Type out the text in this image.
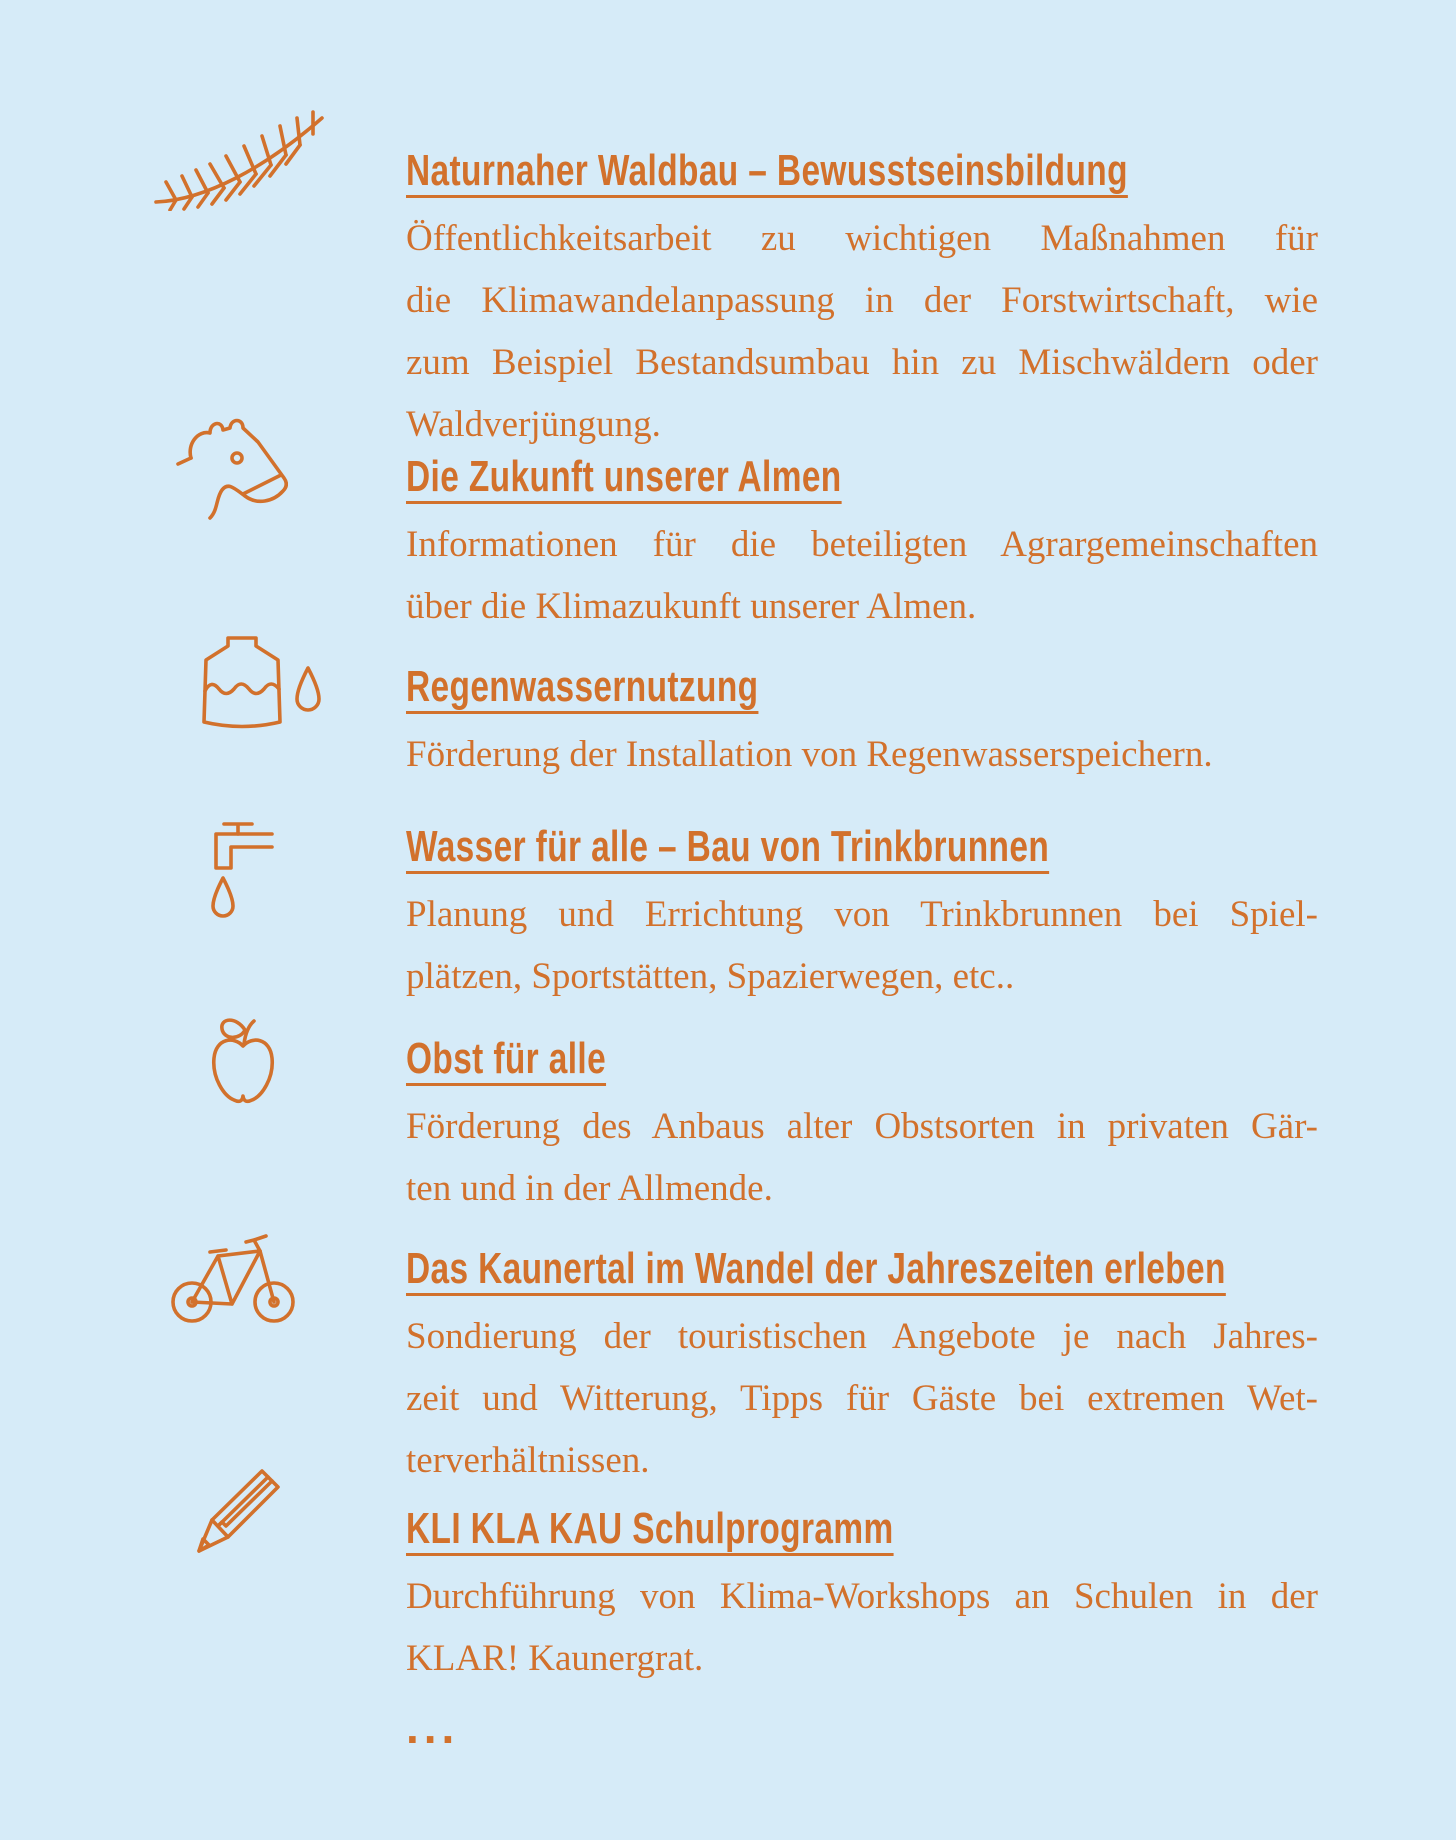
Naturnaher Waldbau – Bewusstseinsbildung
Öffentlichkeitsarbeit zu wichtigen Maßnahmen für
die Klimawandelanpassung in der Forstwirtschaft, wie
zum Beispiel Bestandsumbau hin zu Mischwäldern oder
Waldverjüngung.
Die Zukunft unserer Almen
Informationen für die beteiligten Agrargemeinschaften
über die Klimazukunft unserer Almen.
Regenwassernutzung
Förderung der Installation von Regenwasserspeichern.
Wasser für alle – Bau von Trinkbrunnen
Planung und Errichtung von Trinkbrunnen bei Spiel-
plätzen, Sportstätten, Spazierwegen, etc..
Obst für alle
Förderung des Anbaus alter Obstsorten in privaten Gär-
ten und in der Allmende.
Das Kaunertal im Wandel der Jahreszeiten erleben
Sondierung der touristischen Angebote je nach Jahres-
zeit und Witterung, Tipps für Gäste bei extremen Wet-
terverhältnissen.
KLI KLA KAU Schulprogramm
Durchführung von Klima-Workshops an Schulen in der
KLAR! Kaunergrat.
...
